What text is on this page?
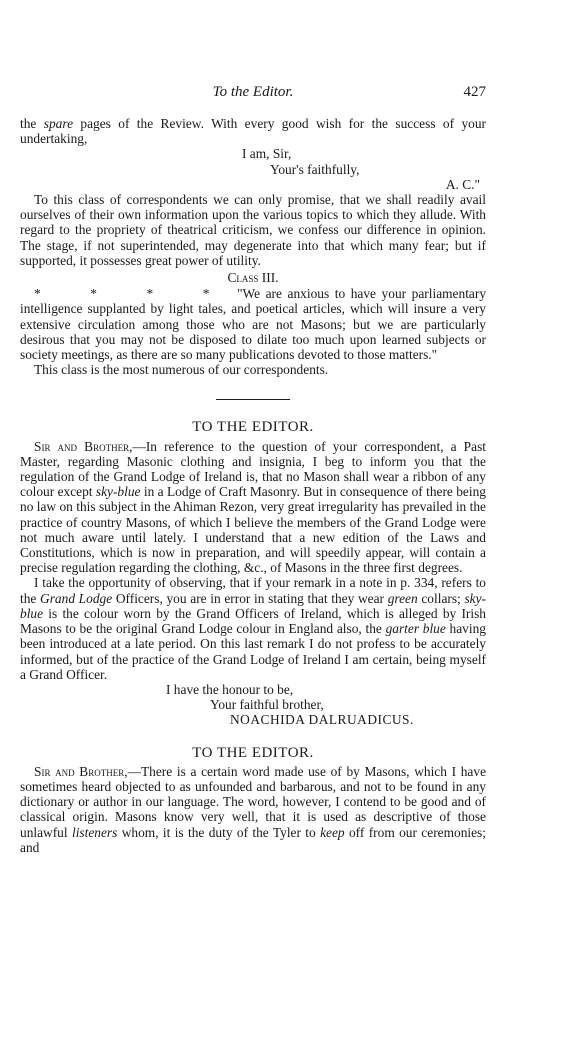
To the Editor.	427

the spare pages of the Review. With every good wish for the success of your undertaking,

I am, Sir,

Your's faithfully,

A. C."

To this class of correspondents we can only promise, that we shall readily avail ourselves of their own information upon the various topics to which they allude. With regard to the propriety of theatrical criticism, we confess our difference in opinion. The stage, if not superintended, may degenerate into that which many fear; but if supported, it possesses great power of utility.

Class III.

* * * * "We are anxious to have your parliamentary intelligence supplanted by light tales, and poetical articles, which will insure a very extensive circulation among those who are not Masons; but we are particularly desirous that you may not be disposed to dilate too much upon learned subjects or society meetings, as there are so many publications devoted to those matters."

This class is the most numerous of our correspondents.

TO THE EDITOR.

Sir and Brother,—In reference to the question of your correspondent, a Past Master, regarding Masonic clothing and insignia, I beg to inform you that the regulation of the Grand Lodge of Ireland is, that no Mason shall wear a ribbon of any colour except sky-blue in a Lodge of Craft Masonry. But in consequence of there being no law on this subject in the Ahiman Rezon, very great irregularity has prevailed in the practice of country Masons, of which I believe the members of the Grand Lodge were not much aware until lately. I understand that a new edition of the Laws and Constitutions, which is now in preparation, and will speedily appear, will contain a precise regulation regarding the clothing, &c., of Masons in the three first degrees.

I take the opportunity of observing, that if your remark in a note in p. 334, refers to the Grand Lodge Officers, you are in error in stating that they wear green collars; sky-blue is the colour worn by the Grand Officers of Ireland, which is alleged by Irish Masons to be the original Grand Lodge colour in England also, the garter blue having been introduced at a late period. On this last remark I do not profess to be accurately informed, but of the practice of the Grand Lodge of Ireland I am certain, being myself a Grand Officer.

I have the honour to be,

Your faithful brother,

NOACHIDA DALRUADICUS.

TO THE EDITOR.

Sir and Brother,—There is a certain word made use of by Masons, which I have sometimes heard objected to as unfounded and barbarous, and not to be found in any dictionary or author in our language. The word, however, I contend to be good and of classical origin. Masons know very well, that it is used as descriptive of those unlawful listeners whom, it is the duty of the Tyler to keep off from our ceremonies; and
